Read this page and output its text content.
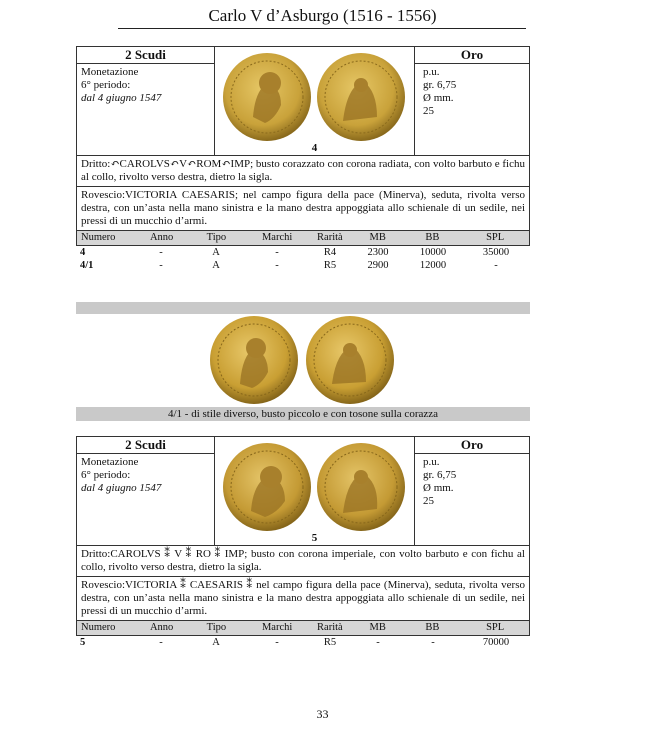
Carlo V d’Asburgo (1516 - 1556)
2 Scudi
Monetazione
6° periodo:
dal 4 giugno 1547
4
Oro
p.u.
gr. 6,75
Ø mm.
25
Dritto:↶CAROLVS↶V↶ROM↶IMP; busto corazzato con corona radiata, con volto barbuto e fichu al collo, rivolto verso destra, dietro la sigla.
Rovescio:VICTORIA CAESARIS; nel campo figura della pace (Minerva), seduta, rivolta verso destra, con un’asta nella mano sinistra e la mano destra appoggiata allo schienale di un sedile, nei pressi di un mucchio d’armi.
Numero	Anno	Tipo	Marchi	Rarità	MB	BB	SPL
4	-	A	-	R4	2300	10000	35000
4/1	-	A	-	R5	2900	12000	-
4/1 - di stile diverso, busto piccolo e con tosone sulla corazza
2 Scudi
Monetazione
6° periodo:
dal 4 giugno 1547
5
Oro
p.u.
gr. 6,75
Ø mm.
25
Dritto:CAROLVS ⁑ V ⁑ RO ⁑ IMP; busto con corona imperiale, con volto barbuto e con fichu al collo, rivolto verso destra, dietro la sigla.
Rovescio:VICTORIA ⁑ CAESARIS ⁑ nel campo figura della pace (Minerva), seduta, rivolta verso destra, con un’asta nella mano sinistra e la mano destra appoggiata allo schienale di un sedile, nei pressi di un mucchio d’armi.
Numero	Anno	Tipo	Marchi	Rarità	MB	BB	SPL
5	-	A	-	R5	-	-	70000
33
